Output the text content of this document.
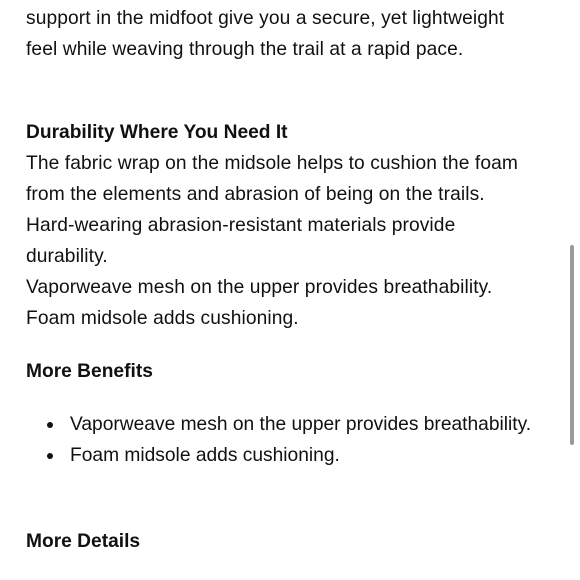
support in the midfoot give you a secure, yet lightweight
feel while weaving through the trail at a rapid pace.
Durability Where You Need It
The fabric wrap on the midsole helps to cushion the foam
from the elements and abrasion of being on the trails.
Hard-wearing abrasion-resistant materials provide
durability.
Vaporweave mesh on the upper provides breathability.
Foam midsole adds cushioning.
More Benefits
Vaporweave mesh on the upper provides breathability.
Foam midsole adds cushioning.
More Details
